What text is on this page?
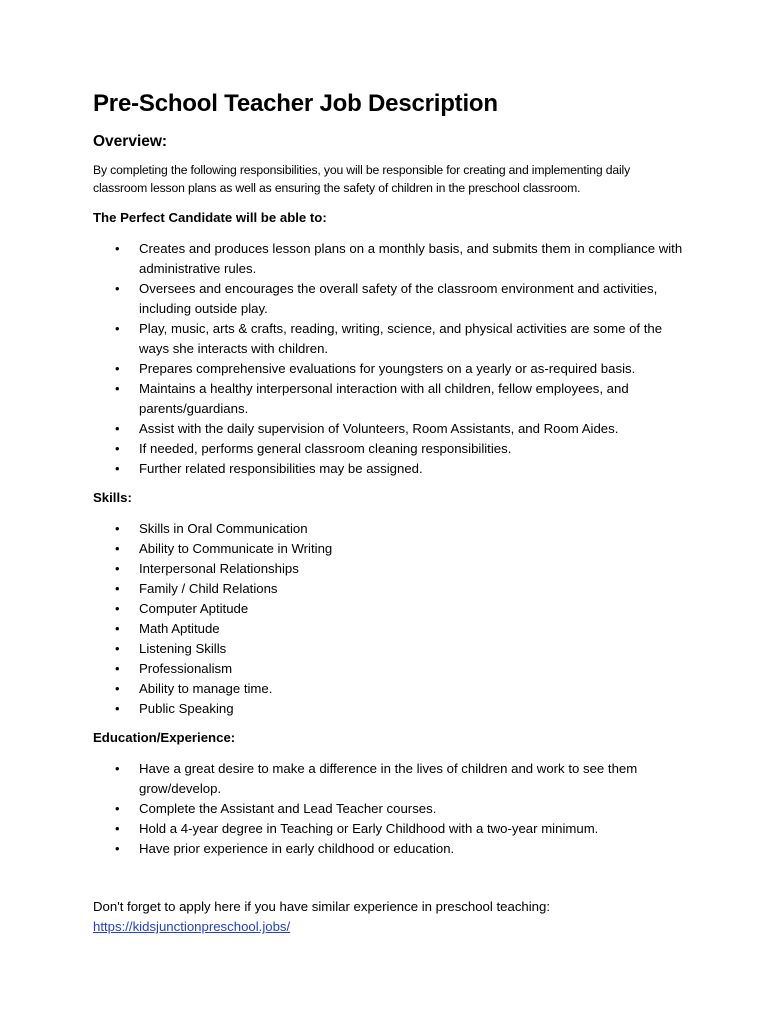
Pre-School Teacher Job Description
Overview:

By completing the following responsibilities, you will be responsible for creating and implementing daily classroom lesson plans as well as ensuring the safety of children in the preschool classroom.

The Perfect Candidate will be able to:
• Creates and produces lesson plans on a monthly basis, and submits them in compliance with administrative rules.
• Oversees and encourages the overall safety of the classroom environment and activities, including outside play.
• Play, music, arts & crafts, reading, writing, science, and physical activities are some of the ways she interacts with children.
• Prepares comprehensive evaluations for youngsters on a yearly or as-required basis.
• Maintains a healthy interpersonal interaction with all children, fellow employees, and parents/guardians.
• Assist with the daily supervision of Volunteers, Room Assistants, and Room Aides.
• If needed, performs general classroom cleaning responsibilities.
• Further related responsibilities may be assigned.
Skills:
• Skills in Oral Communication
• Ability to Communicate in Writing
• Interpersonal Relationships
• Family / Child Relations
• Computer Aptitude
• Math Aptitude
• Listening Skills
• Professionalism
• Ability to manage time.
• Public Speaking
Education/Experience:
• Have a great desire to make a difference in the lives of children and work to see them grow/develop.
• Complete the Assistant and Lead Teacher courses.
• Hold a 4-year degree in Teaching or Early Childhood with a two-year minimum.
• Have prior experience in early childhood or education.
Don't forget to apply here if you have similar experience in preschool teaching:
https://kidsjunctionpreschool.jobs/
